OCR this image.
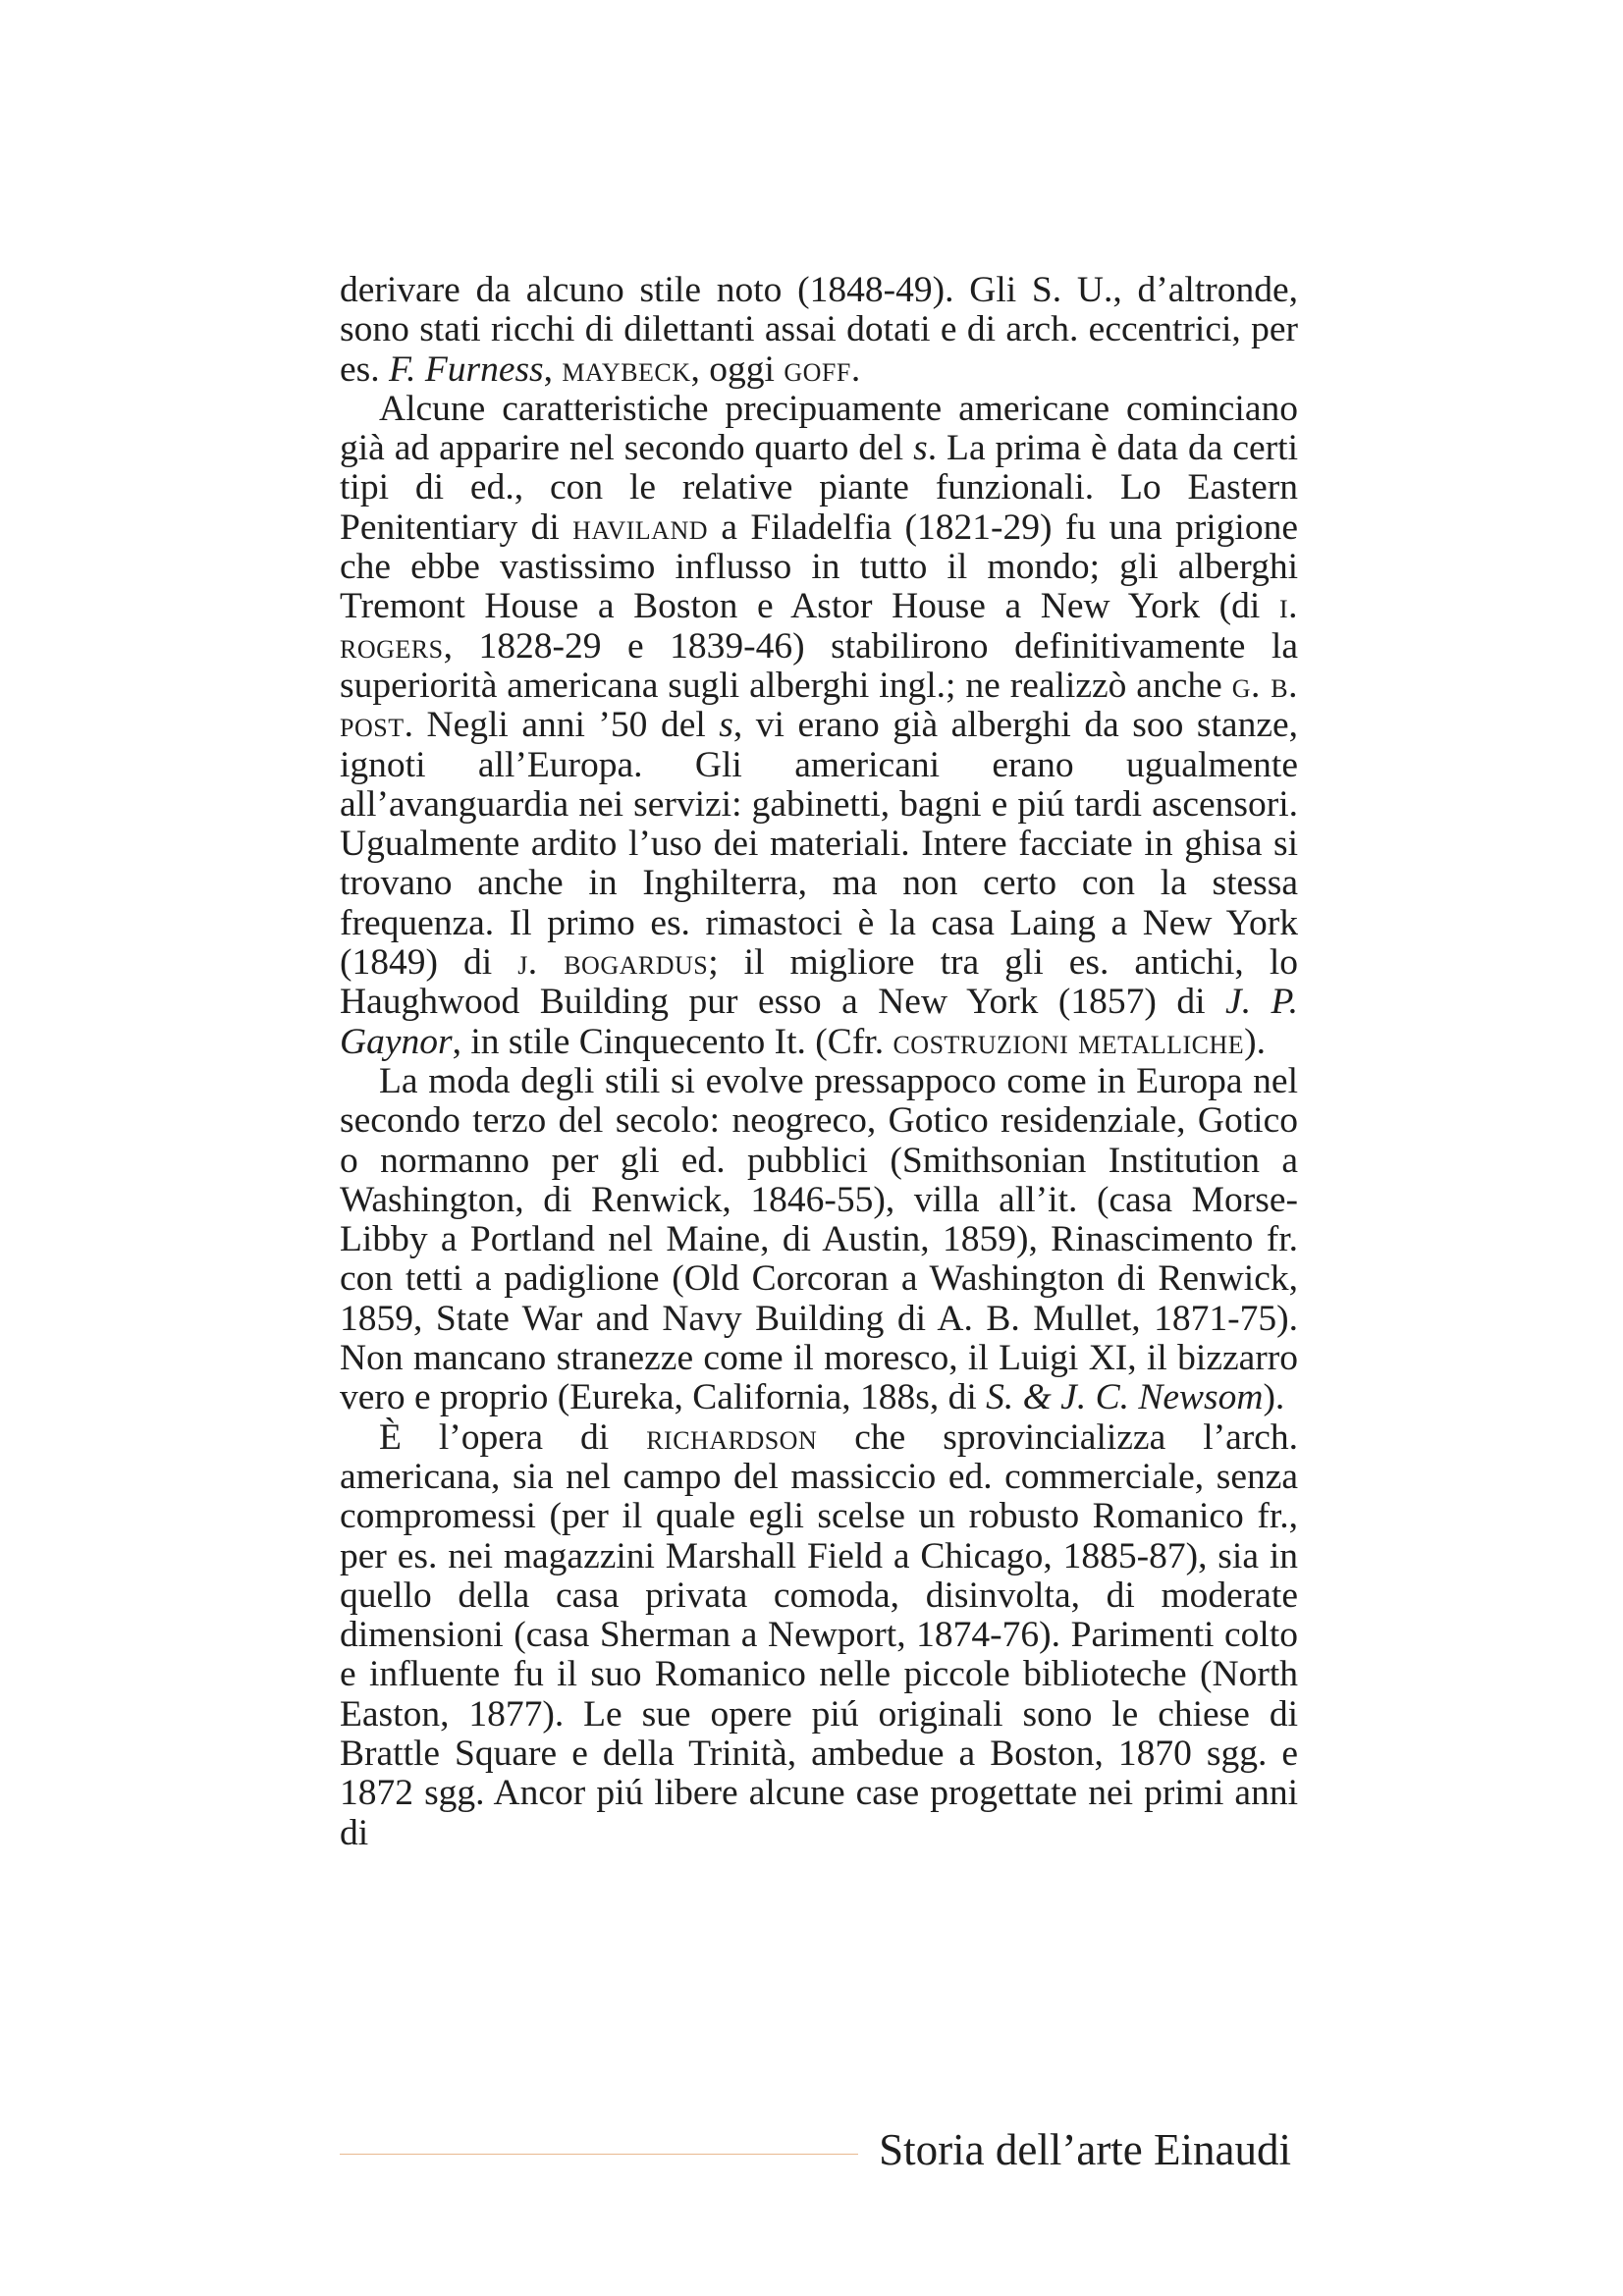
derivare da alcuno stile noto (1848-49). Gli S. U., d’altronde, sono stati ricchi di dilettanti assai dotati e di arch. eccentrici, per es. F. Furness, maybeck, oggi goff.

Alcune caratteristiche precipuamente americane cominciano già ad apparire nel secondo quarto del s. La prima è data da certi tipi di ed., con le relative piante funzionali. Lo Eastern Penitentiary di haviland a Filadelfia (1821-29) fu una prigione che ebbe vastissimo influsso in tutto il mondo; gli alberghi Tremont House a Boston e Astor House a New York (di i. rogers, 1828-29 e 1839-46) stabilirono definitivamente la superiorità americana sugli alberghi ingl.; ne realizzò anche g. b. post. Negli anni ’50 del s, vi erano già alberghi da soo stanze, ignoti all’Europa. Gli americani erano ugualmente all’avanguardia nei servizi: gabinetti, bagni e piú tardi ascensori. Ugualmente ardito l’uso dei materiali. Intere facciate in ghisa si trovano anche in Inghilterra, ma non certo con la stessa frequenza. Il primo es. rimastoci è la casa Laing a New York (1849) di j. bogardus; il migliore tra gli es. antichi, lo Haughwood Building pur esso a New York (1857) di J. P. Gaynor, in stile Cinquecento It. (Cfr. costruzioni metalliche).

La moda degli stili si evolve pressappoco come in Europa nel secondo terzo del secolo: neogreco, Gotico residenziale, Gotico o normanno per gli ed. pubblici (Smithsonian Institution a Washington, di Renwick, 1846-55), villa all’it. (casa Morse-Libby a Portland nel Maine, di Austin, 1859), Rinascimento fr. con tetti a padiglione (Old Corcoran a Washington di Renwick, 1859, State War and Navy Building di A. B. Mullet, 1871-75). Non mancano stranezze come il moresco, il Luigi XI, il bizzarro vero e proprio (Eureka, California, 188s, di S. & J. C. Newsom).

È l’opera di richardson che sprovincializza l’arch. americana, sia nel campo del massiccio ed. commerciale, senza compromessi (per il quale egli scelse un robusto Romanico fr., per es. nei magazzini Marshall Field a Chicago, 1885-87), sia in quello della casa privata comoda, disinvolta, di moderate dimensioni (casa Sherman a Newport, 1874-76). Parimenti colto e influente fu il suo Romanico nelle piccole biblioteche (North Easton, 1877). Le sue opere piú originali sono le chiese di Brattle Square e della Trinità, ambedue a Boston, 1870 sgg. e 1872 sgg. Ancor piú libere alcune case progettate nei primi anni di

Storia dell’arte Einaudi
